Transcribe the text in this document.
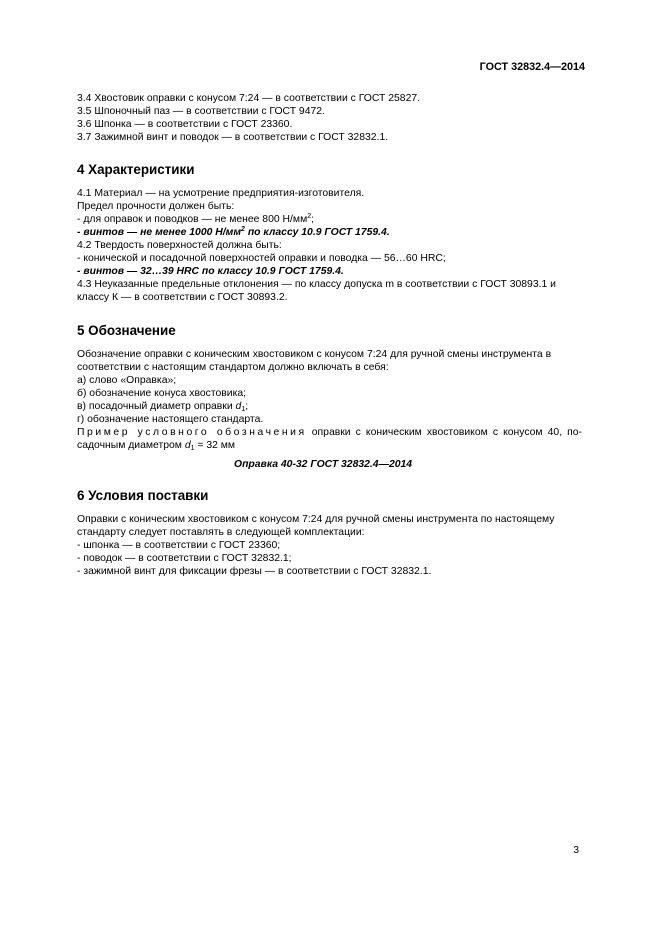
ГОСТ 32832.4—2014
3.4 Хвостовик оправки с конусом 7:24 — в соответствии с ГОСТ 25827.
3.5 Шпоночный паз — в соответствии с ГОСТ 9472.
3.6 Шпонка — в соответствии с ГОСТ 23360.
3.7 Зажимной винт и поводок — в соответствии с ГОСТ 32832.1.
4 Характеристики
4.1 Материал — на усмотрение предприятия-изготовителя.
Предел прочности должен быть:
- для оправок и поводков — не менее 800 $Н/мм^2$;
- винтов — не менее 1000 $Н/мм^2$ по классу 10.9 ГОСТ 1759.4.
4.2 Твердость поверхностей должна быть:
- конической и посадочной поверхностей оправки и поводка — 56…60 HRC;
- винтов — 32…39 HRC по классу 10.9 ГОСТ 1759.4.
4.3 Неуказанные предельные отклонения — по классу допуска m в соответствии с ГОСТ 30893.1 и
классу К — в соответствии с ГОСТ 30893.2.
5 Обозначение
Обозначение оправки с коническим хвостовиком с конусом 7:24 для ручной смены инструмента в
соответствии с настоящим стандартом должно включать в себя:
а) слово «Оправка»;
б) обозначение конуса хвостовика;
в) посадочный диаметр оправки $d_1$;
г) обозначение настоящего стандарта.
Пример условного обозначения оправки с коническим хвостовиком с конусом 40, по-
садочным диаметром $d_1 = 32$ мм
Оправка 40-32 ГОСТ 32832.4—2014
6 Условия поставки
Оправки с коническим хвостовиком с конусом 7:24 для ручной смены инструмента по настоящему
стандарту следует поставлять в следующей комплектации:
- шпонка — в соответствии с ГОСТ 23360;
- поводок — в соответствии с ГОСТ 32832.1;
- зажимной винт для фиксации фрезы — в соответствии с ГОСТ 32832.1.
3
